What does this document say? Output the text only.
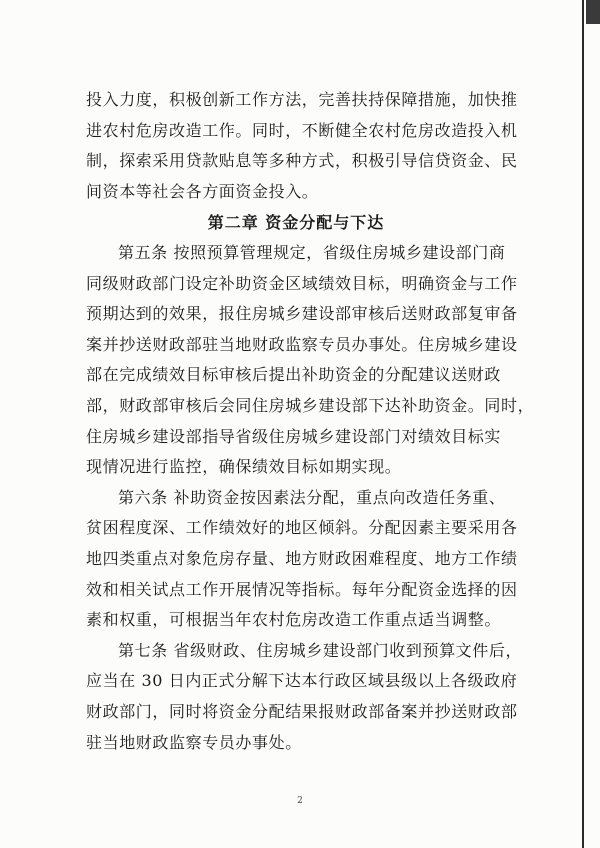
投入力度，积极创新工作方法，完善扶持保障措施，加快推
进农村危房改造工作。同时，不断健全农村危房改造投入机
制，探索采用贷款贴息等多种方式，积极引导信贷资金、民
间资本等社会各方面资金投入。
第二章 资金分配与下达
第五条 按照预算管理规定，省级住房城乡建设部门商
同级财政部门设定补助资金区域绩效目标，明确资金与工作
预期达到的效果，报住房城乡建设部审核后送财政部复审备
案并抄送财政部驻当地财政监察专员办事处。住房城乡建设
部在完成绩效目标审核后提出补助资金的分配建议送财政
部，财政部审核后会同住房城乡建设部下达补助资金。同时，
住房城乡建设部指导省级住房城乡建设部门对绩效目标实
现情况进行监控，确保绩效目标如期实现。
第六条 补助资金按因素法分配，重点向改造任务重、
贫困程度深、工作绩效好的地区倾斜。分配因素主要采用各
地四类重点对象危房存量、地方财政困难程度、地方工作绩
效和相关试点工作开展情况等指标。每年分配资金选择的因
素和权重，可根据当年农村危房改造工作重点适当调整。
第七条 省级财政、住房城乡建设部门收到预算文件后，
应当在 30 日内正式分解下达本行政区域县级以上各级政府
财政部门，同时将资金分配结果报财政部备案并抄送财政部
驻当地财政监察专员办事处。
2
